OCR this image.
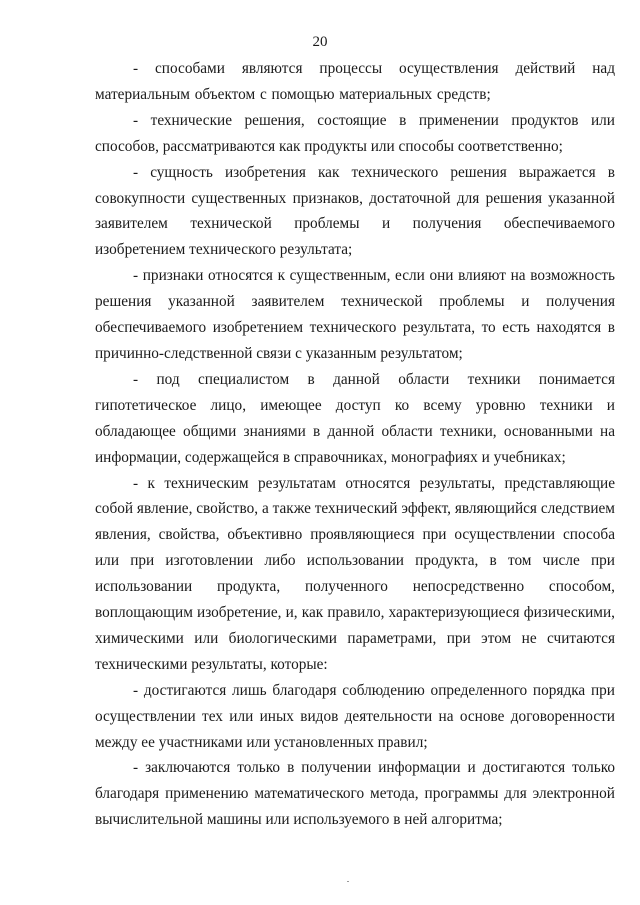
20

- способами являются процессы осуществления действий над материальным объектом с помощью материальных средств;

- технические решения, состоящие в применении продуктов или способов, рассматриваются как продукты или способы соответственно;

- сущность изобретения как технического решения выражается в совокупности существенных признаков, достаточной для решения указанной заявителем технической проблемы и получения обеспечиваемого изобретением технического результата;

- признаки относятся к существенным, если они влияют на возможность решения указанной заявителем технической проблемы и получения обеспечиваемого изобретением технического результата, то есть находятся в причинно-следственной связи с указанным результатом;

- под специалистом в данной области техники понимается гипотетическое лицо, имеющее доступ ко всему уровню техники и обладающее общими знаниями в данной области техники, основанными на информации, содержащейся в справочниках, монографиях и учебниках;

- к техническим результатам относятся результаты, представляющие собой явление, свойство, а также технический эффект, являющийся следствием явления, свойства, объективно проявляющиеся при осуществлении способа или при изготовлении либо использовании продукта, в том числе при использовании продукта, полученного непосредственно способом, воплощающим изобретение, и, как правило, характеризующиеся физическими, химическими или биологическими параметрами, при этом не считаются техническими результаты, которые:

- достигаются лишь благодаря соблюдению определенного порядка при осуществлении тех или иных видов деятельности на основе договоренности между ее участниками или установленных правил;

- заключаются только в получении информации и достигаются только благодаря применению математического метода, программы для электронной вычислительной машины или используемого в ней алгоритма;
